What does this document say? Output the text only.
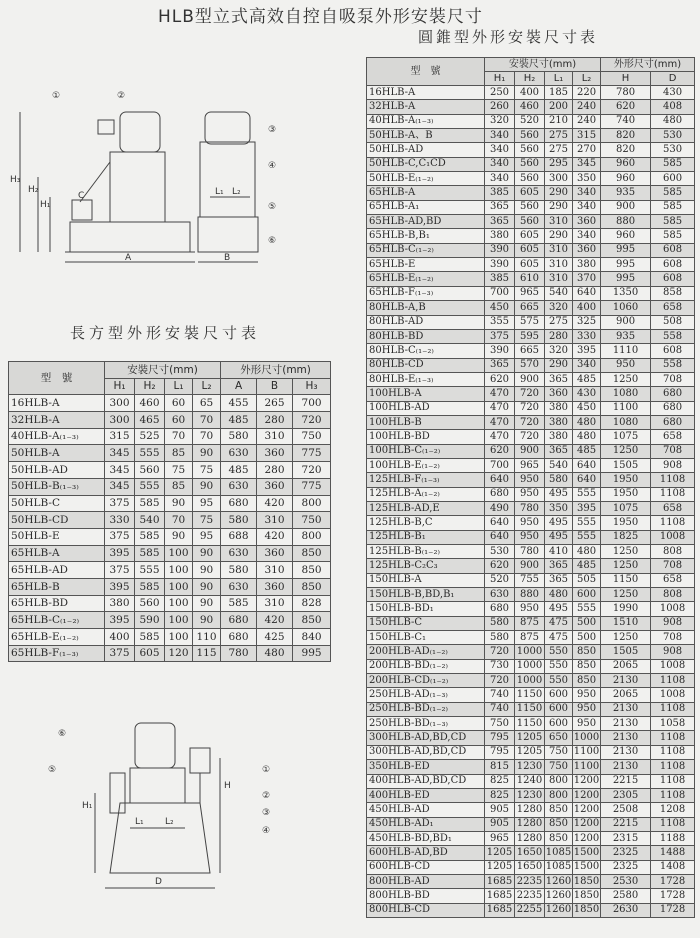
HLB型立式高效自控自吸泵外形安裝尺寸
圓錐型外形安裝尺寸表
長方型外形安裝尺寸表
①	②
③
④
⑤
⑥
H₃
H₂
H₁
C
A
L₁ L₂
B
⑥
⑤	①
②
③
④
H₁
H
L₁ L₂
D
型　號	安裝尺寸(mm)				外形尺寸(mm)	
	H₁	H₂	L₁	L₂	H	D
16HLB-A	250	400	185	220	780	430
32HLB-A	260	460	200	240	620	408
40HLB-A₍₁₋₃₎	320	520	210	240	740	480
50HLB-A、B	340	560	275	315	820	530
50HLB-AD	340	560	275	270	820	530
50HLB-C,C₁CD	340	560	295	345	960	585
50HLB-E₍₁₋₂₎	340	560	300	350	960	600
65HLB-A	385	605	290	340	935	585
65HLB-A₁	365	560	290	340	900	585
65HLB-AD,BD	365	560	310	360	880	585
65HLB-B,B₁	380	605	290	340	960	585
65HLB-C₍₁₋₂₎	390	605	310	360	995	608
65HLB-E	390	605	310	380	995	608
65HLB-E₍₁₋₂₎	385	610	310	370	995	608
65HLB-F₍₁₋₃₎	700	965	540	640	1350	858
80HLB-A,B	450	665	320	400	1060	658
80HLB-AD	355	575	275	325	900	508
80HLB-BD	375	595	280	330	935	558
80HLB-C₍₁₋₂₎	390	665	320	395	1110	608
80HLB-CD	365	570	290	340	950	558
80HLB-E₍₁₋₃₎	620	900	365	485	1250	708
100HLB-A	470	720	360	430	1080	680
100HLB-AD	470	720	380	450	1100	680
100HLB-B	470	720	380	480	1080	680
100HLB-BD	470	720	380	480	1075	658
100HLB-C₍₁₋₂₎	620	900	365	485	1250	708
100HLB-E₍₁₋₂₎	700	965	540	640	1505	908
125HLB-F₍₁₋₃₎	640	950	580	640	1950	1108
125HLB-A₍₁₋₂₎	680	950	495	555	1950	1108
125HLB-AD,E	490	780	350	395	1075	658
125HLB-B,C	640	950	495	555	1950	1108
125HLB-B₁	640	950	495	555	1825	1008
125HLB-B₍₁₋₂₎	530	780	410	480	1250	808
125HLB-C₂C₃	620	900	365	485	1250	708
150HLB-A	520	755	365	505	1150	658
150HLB-B,BD,B₁	630	880	480	600	1250	808
150HLB-BD₁	680	950	495	555	1990	1008
150HLB-C	580	875	475	500	1510	908
150HLB-C₁	580	875	475	500	1250	708
200HLB-AD₍₁₋₂₎	720	1000	550	850	1505	908
200HLB-BD₍₁₋₂₎	730	1000	550	850	2065	1008
200HLB-CD₍₁₋₂₎	720	1000	550	850	2130	1108
250HLB-AD₍₁₋₃₎	740	1150	600	950	2065	1008
250HLB-BD₍₁₋₂₎	740	1150	600	950	2130	1108
250HLB-BD₍₁₋₃₎	750	1150	600	950	2130	1058
300HLB-AD,BD,CD	795	1205	650	1000	2130	1108
300HLB-AD,BD,CD	795	1205	750	1100	2130	1108
350HLB-ED	815	1230	750	1100	2130	1108
400HLB-AD,BD,CD	825	1240	800	1200	2215	1108
400HLB-ED	825	1230	800	1200	2305	1108
450HLB-AD	905	1280	850	1200	2508	1208
450HLB-AD₁	905	1280	850	1200	2215	1108
450HLB-BD,BD₁	965	1280	850	1200	2315	1188
600HLB-AD,BD	1205	1650	1085	1500	2325	1488
600HLB-CD	1205	1650	1085	1500	2325	1408
800HLB-AD	1685	2235	1260	1850	2530	1728
800HLB-BD	1685	2235	1260	1850	2580	1728
800HLB-CD	1685	2255	1260	1850	2630	1728
型　號	安裝尺寸(mm)				外形尺寸(mm)		
	H₁	H₂	L₁	L₂	A	B	H₃
16HLB-A	300	460	60	65	455	265	700
32HLB-A	300	465	60	70	485	280	720
40HLB-A₍₁₋₃₎	315	525	70	70	580	310	750
50HLB-A	345	555	85	90	630	360	775
50HLB-AD	345	560	75	75	485	280	720
50HLB-B₍₁₋₃₎	345	555	85	90	630	360	775
50HLB-C	375	585	90	95	680	420	800
50HLB-CD	330	540	70	75	580	310	750
50HLB-E	375	585	90	95	688	420	800
65HLB-A	395	585	100	90	630	360	850
65HLB-AD	375	555	100	90	580	310	850
65HLB-B	395	585	100	90	630	360	850
65HLB-BD	380	560	100	90	585	310	828
65HLB-C₍₁₋₂₎	395	590	100	90	680	420	850
65HLB-E₍₁₋₂₎	400	585	100	110	680	425	840
65HLB-F₍₁₋₃₎	375	605	120	115	780	480	995
